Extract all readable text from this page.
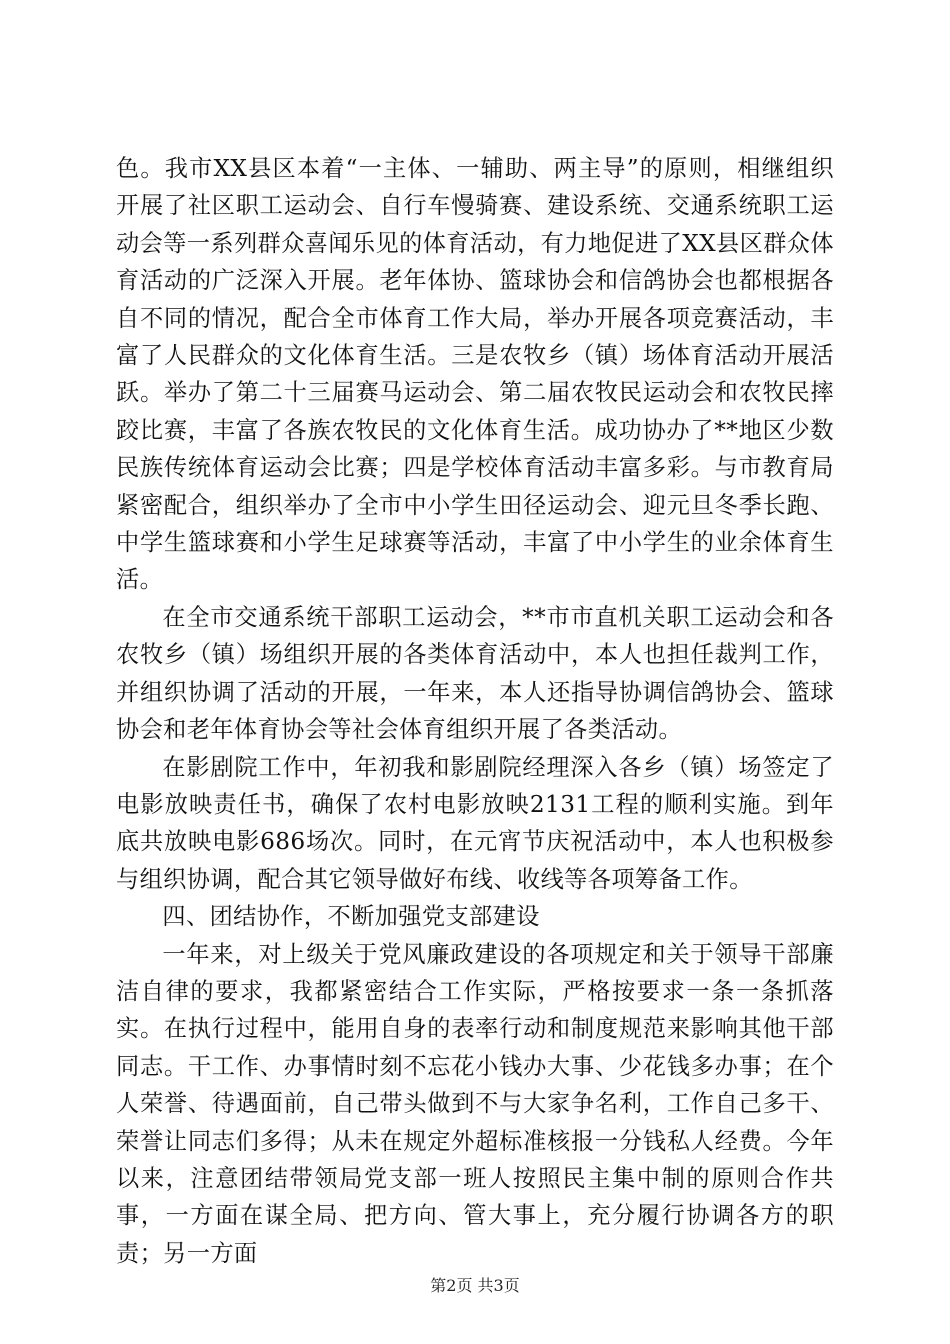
色。我市XX县区本着“一主体、一辅助、两主导”的原则，相继组织开展了社区职工运动会、自行车慢骑赛、建设系统、交通系统职工运动会等一系列群众喜闻乐见的体育活动，有力地促进了XX县区群众体育活动的广泛深入开展。老年体协、篮球协会和信鸽协会也都根据各自不同的情况，配合全市体育工作大局，举办开展各项竞赛活动，丰富了人民群众的文化体育生活。三是农牧乡（镇）场体育活动开展活跃。举办了第二十三届赛马运动会、第二届农牧民运动会和农牧民摔跤比赛，丰富了各族农牧民的文化体育生活。成功协办了**地区少数民族传统体育运动会比赛；四是学校体育活动丰富多彩。与市教育局紧密配合，组织举办了全市中小学生田径运动会、迎元旦冬季长跑、中学生篮球赛和小学生足球赛等活动，丰富了中小学生的业余体育生活。

在全市交通系统干部职工运动会，**市市直机关职工运动会和各农牧乡（镇）场组织开展的各类体育活动中，本人也担任裁判工作，并组织协调了活动的开展，一年来，本人还指导协调信鸽协会、篮球协会和老年体育协会等社会体育组织开展了各类活动。

在影剧院工作中，年初我和影剧院经理深入各乡（镇）场签定了电影放映责任书，确保了农村电影放映2131工程的顺利实施。到年底共放映电影686场次。同时，在元宵节庆祝活动中，本人也积极参与组织协调，配合其它领导做好布线、收线等各项筹备工作。

四、团结协作，不断加强党支部建设

一年来，对上级关于党风廉政建设的各项规定和关于领导干部廉洁自律的要求，我都紧密结合工作实际，严格按要求一条一条抓落实。在执行过程中，能用自身的表率行动和制度规范来影响其他干部同志。干工作、办事情时刻不忘花小钱办大事、少花钱多办事；在个人荣誉、待遇面前，自己带头做到不与大家争名利，工作自己多干、荣誉让同志们多得；从未在规定外超标准核报一分钱私人经费。今年以来，注意团结带领局党支部一班人按照民主集中制的原则合作共事，一方面在谋全局、把方向、管大事上，充分履行协调各方的职责；另一方面

第2页 共3页
